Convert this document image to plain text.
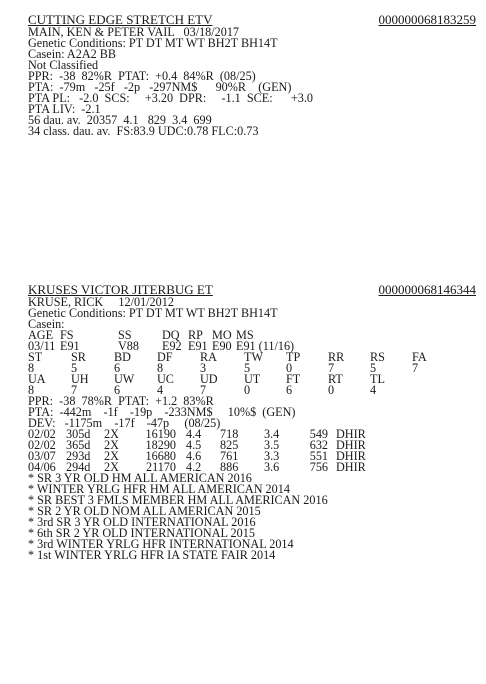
CUTTING EDGE STRETCH ETV	000000068183259
MAIN, KEN & PETER VAIL   03/18/2017
Genetic Conditions: PT DT MT WT BH2T BH14T
Casein: A2A2 BB
Not Classified
PPR:  -38  82%R  PTAT:  +0.4  84%R  (08/25)
PTA:  -79m   -25f   -2p   -297NM$      90%R    (GEN)
PTA PL:   -2.0  SCS:     +3.20  DPR:     -1.1  SCE:      +3.0
PTA LIV:  -2.1
56 dau. av.  20357  4.1   829  3.4  699
34 class. dau. av.  FS:83.9 UDC:0.78 FLC:0.73
KRUSES VICTOR JITERBUG ET	000000068146344
KRUSE, RICK     12/01/2012
Genetic Conditions: PT DT MT WT BH2T BH14T
Casein:
AGE FS	SS	DQ RP MO MS
03/11 E91	V88	E92 E91 E90 E91 (11/16)
ST	SR	BD	DF	RA	TW	TP	RR	RS	FA
8	5	6	8	3	5	0	7	5	7
UA	UH	UW	UC	UD	UT	FT	RT	TL
8	7	6	4	7	0	6	0	4
PPR:  -38  78%R  PTAT:  +1.2  83%R
PTA:  -442m    -1f    -19p    -233NM$     10%$  (GEN)
DEV:   -1175m    -17f    -47p     (08/25)
02/02 305d	2X	16190 4.4	718	3.4	549 DHIR
02/02 365d	2X	18290 4.5	825	3.5	632 DHIR
03/07 293d	2X	16680 4.6	761	3.3	551 DHIR
04/06 294d	2X	21170 4.2	886	3.6	756 DHIR
* SR 3 YR OLD HM ALL AMERICAN 2016
* WINTER YRLG HFR HM ALL AMERICAN 2014
* SR BEST 3 FMLS MEMBER HM ALL AMERICAN 2016
* SR 2 YR OLD NOM ALL AMERICAN 2015
* 3rd SR 3 YR OLD INTERNATIONAL 2016
* 6th SR 2 YR OLD INTERNATIONAL 2015
* 3rd WINTER YRLG HFR INTERNATIONAL 2014
* 1st WINTER YRLG HFR IA STATE FAIR 2014
